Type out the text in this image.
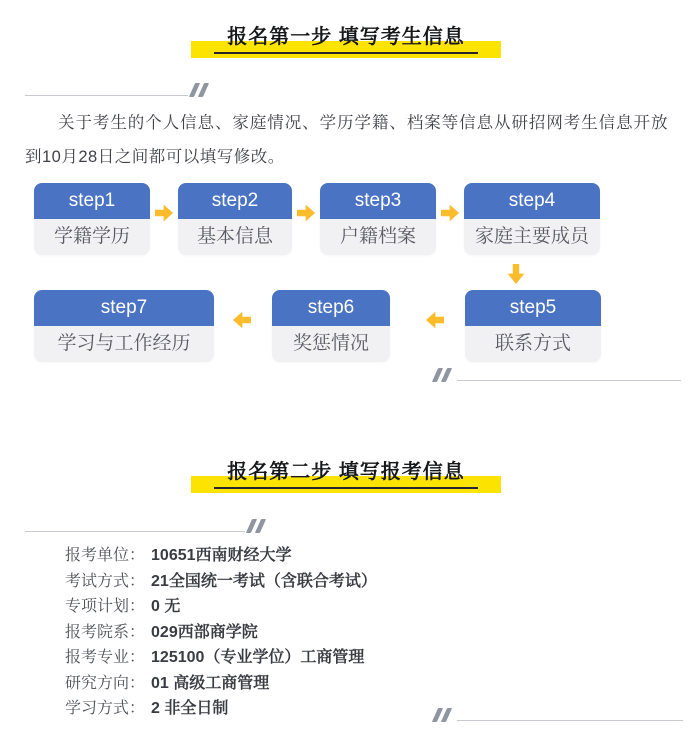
报名第一步 填写考生信息

关于考生的个人信息、家庭情况、学历学籍、档案等信息从研招网考生信息开放到10月28日之间都可以填写修改。

step1
学籍学历
step2
基本信息
step3
户籍档案
step4
家庭主要成员
step7
学习与工作经历
step6
奖惩情况
step5
联系方式
报名第二步 填写报考信息
报考单位： 10651西南财经大学
考试方式： 21全国统一考试（含联合考试）
专项计划： 0 无
报考院系： 029西部商学院
报考专业： 125100（专业学位）工商管理
研究方向： 01 高级工商管理
学习方式： 2 非全日制
